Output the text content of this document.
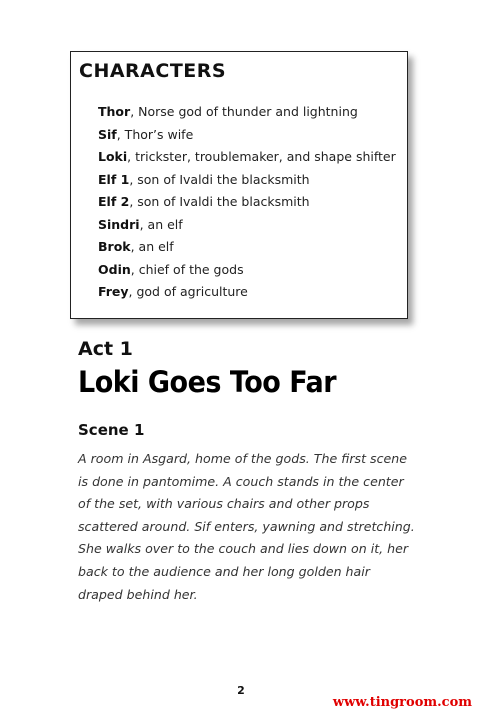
CHARACTERS
Thor, Norse god of thunder and lightning
Sif, Thor’s wife
Loki, trickster, troublemaker, and shape shifter
Elf 1, son of Ivaldi the blacksmith
Elf 2, son of Ivaldi the blacksmith
Sindri, an elf
Brok, an elf
Odin, chief of the gods
Frey, god of agriculture
Act 1
Loki Goes Too Far
Scene 1

A room in Asgard, home of the gods. The first scene is done in pantomime. A couch stands in the center of the set, with various chairs and other props scattered around. Sif enters, yawning and stretching. She walks over to the couch and lies down on it, her back to the audience and her long golden hair draped behind her.

2
www.tingroom.com
